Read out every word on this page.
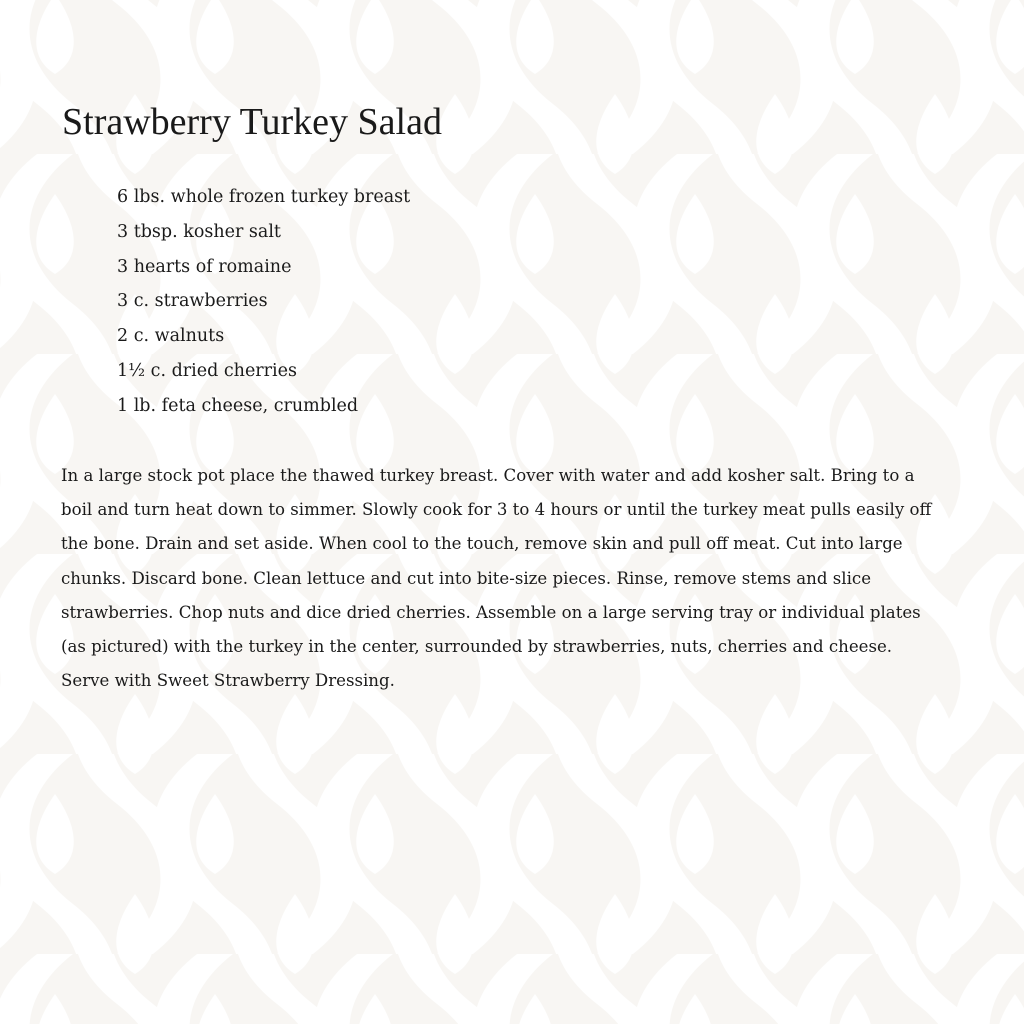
Strawberry Turkey Salad
6 lbs. whole frozen turkey breast
3 tbsp. kosher salt
3 hearts of romaine
3 c. strawberries
2 c. walnuts
1½ c. dried cherries
1 lb. feta cheese, crumbled

In a large stock pot place the thawed turkey breast. Cover with water and add kosher salt. Bring to a boil and turn heat down to simmer. Slowly cook for 3 to 4 hours or until the turkey meat pulls easily off the bone. Drain and set aside. When cool to the touch, remove skin and pull off meat. Cut into large chunks. Discard bone. Clean lettuce and cut into bite-size pieces. Rinse, remove stems and slice strawberries. Chop nuts and dice dried cherries. Assemble on a large serving tray or individual plates (as pictured) with the turkey in the center, surrounded by strawberries, nuts, cherries and cheese. Serve with Sweet Strawberry Dressing.
